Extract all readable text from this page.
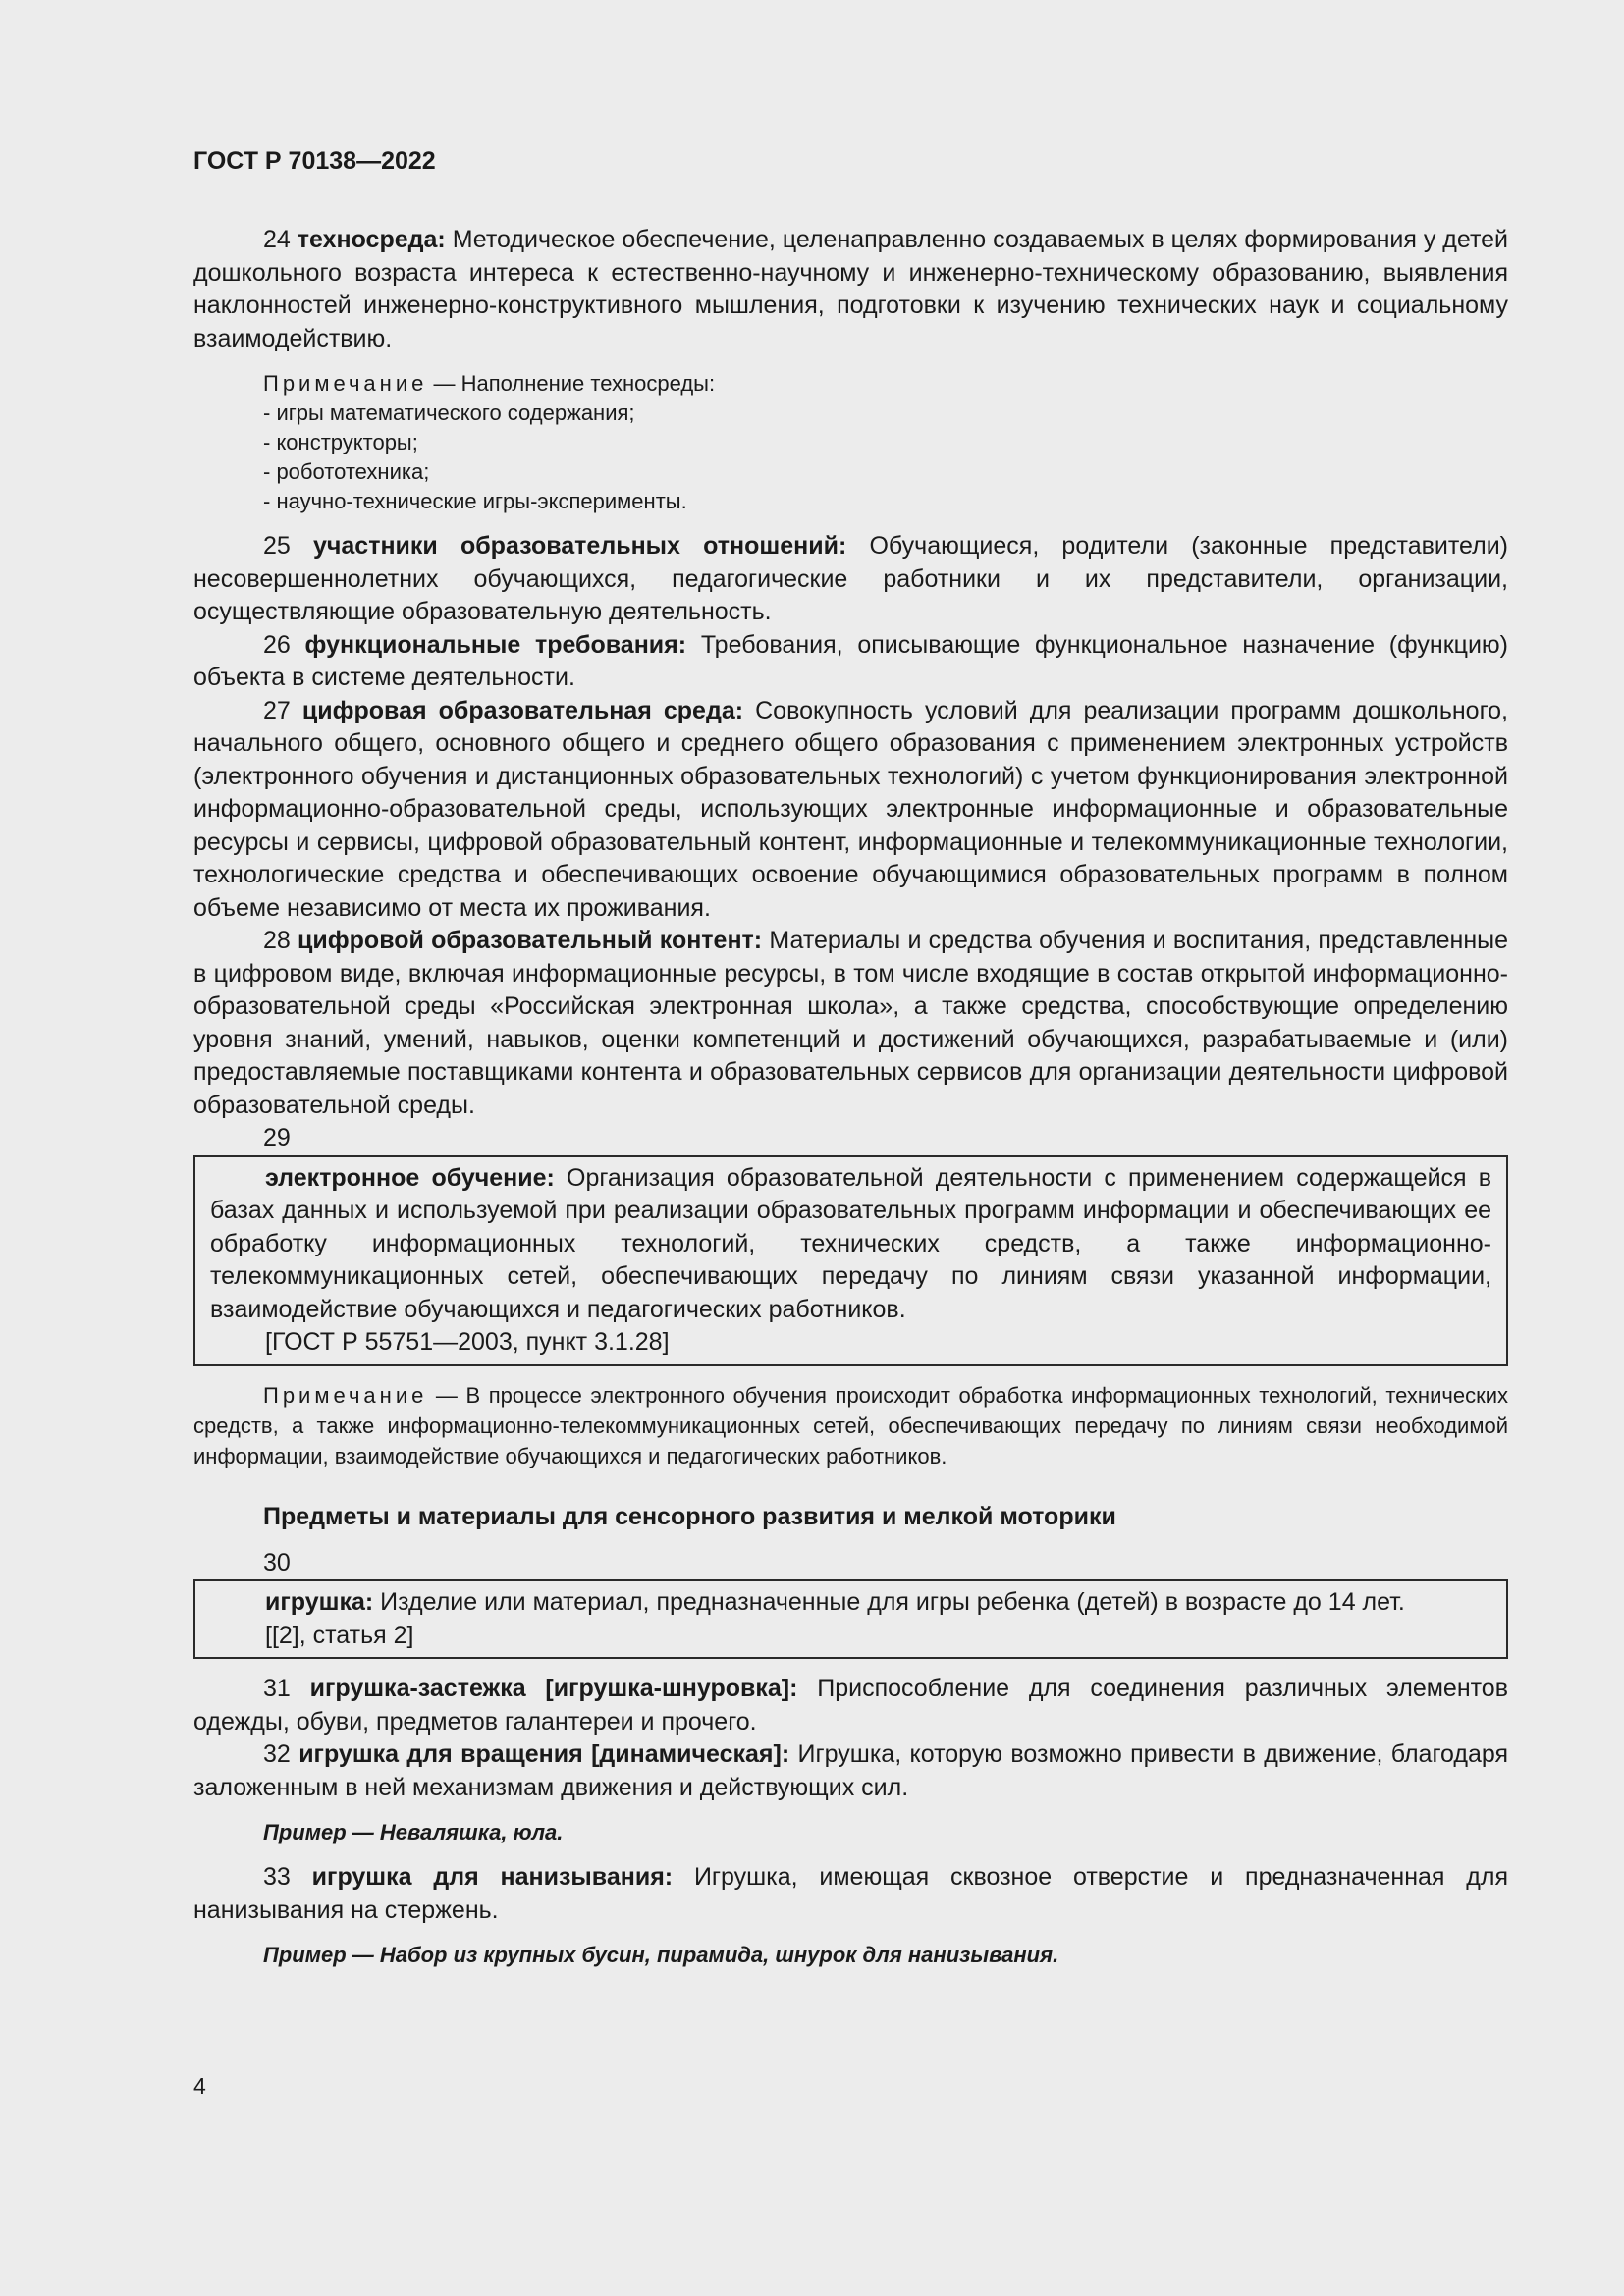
ГОСТ Р 70138—2022

24 техносреда: Методическое обеспечение, целенаправленно создаваемых в целях формирования у детей дошкольного возраста интереса к естественно-научному и инженерно-техническому образованию, выявления наклонностей инженерно-конструктивного мышления, подготовки к изучению технических наук и социальному взаимодействию.

Примечание — Наполнение техносреды:
- игры математического содержания;
- конструкторы;
- робототехника;
- научно-технические игры-эксперименты.

25 участники образовательных отношений: Обучающиеся, родители (законные представители) несовершеннолетних обучающихся, педагогические работники и их представители, организации, осуществляющие образовательную деятельность.

26 функциональные требования: Требования, описывающие функциональное назначение (функцию) объекта в системе деятельности.

27 цифровая образовательная среда: Совокупность условий для реализации программ дошкольного, начального общего, основного общего и среднего общего образования с применением электронных устройств (электронного обучения и дистанционных образовательных технологий) с учетом функционирования электронной информационно-образовательной среды, использующих электронные информационные и образовательные ресурсы и сервисы, цифровой образовательный контент, информационные и телекоммуникационные технологии, технологические средства и обеспечивающих освоение обучающимися образовательных программ в полном объеме независимо от места их проживания.

28 цифровой образовательный контент: Материалы и средства обучения и воспитания, представленные в цифровом виде, включая информационные ресурсы, в том числе входящие в состав открытой информационно-образовательной среды «Российская электронная школа», а также средства, способствующие определению уровня знаний, умений, навыков, оценки компетенций и достижений обучающихся, разрабатываемые и (или) предоставляемые поставщиками контента и образовательных сервисов для организации деятельности цифровой образовательной среды.

29

электронное обучение: Организация образовательной деятельности с применением содержащейся в базах данных и используемой при реализации образовательных программ информации и обеспечивающих ее обработку информационных технологий, технических средств, а также информационно-телекоммуникационных сетей, обеспечивающих передачу по линиям связи указанной информации, взаимодействие обучающихся и педагогических работников.

[ГОСТ Р 55751—2003, пункт 3.1.28]

Примечание — В процессе электронного обучения происходит обработка информационных технологий, технических средств, а также информационно-телекоммуникационных сетей, обеспечивающих передачу по линиям связи необходимой информации, взаимодействие обучающихся и педагогических работников.

Предметы и материалы для сенсорного развития и мелкой моторики
30

игрушка: Изделие или материал, предназначенные для игры ребенка (детей) в возрасте до 14 лет.

[[2], статья 2]

31 игрушка-застежка [игрушка-шнуровка]: Приспособление для соединения различных элементов одежды, обуви, предметов галантереи и прочего.

32 игрушка для вращения [динамическая]: Игрушка, которую возможно привести в движение, благодаря заложенным в ней механизмам движения и действующих сил.

Пример — Неваляшка, юла.

33 игрушка для нанизывания: Игрушка, имеющая сквозное отверстие и предназначенная для нанизывания на стержень.

Пример — Набор из крупных бусин, пирамида, шнурок для нанизывания.
4
